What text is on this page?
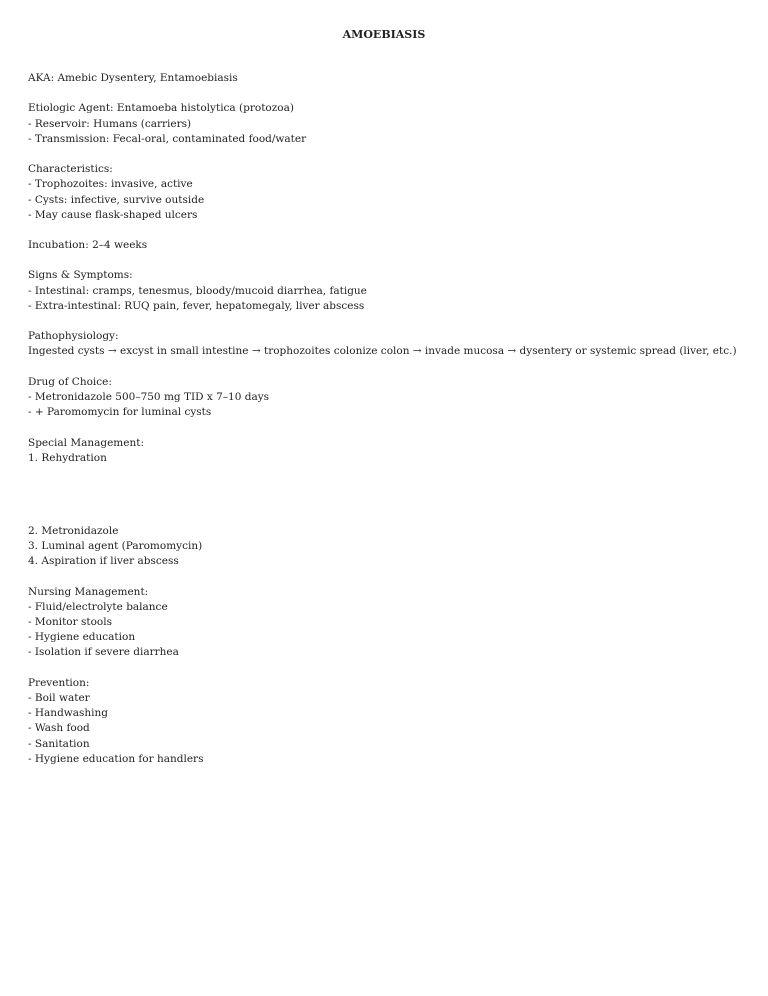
AMOEBIASIS
AKA: Amebic Dysentery, Entamoebiasis
Etiologic Agent: Entamoeba histolytica (protozoa)
- Reservoir: Humans (carriers)
- Transmission: Fecal-oral, contaminated food/water
Characteristics:
- Trophozoites: invasive, active
- Cysts: infective, survive outside
- May cause flask-shaped ulcers
Incubation: 2–4 weeks
Signs & Symptoms:
- Intestinal: cramps, tenesmus, bloody/mucoid diarrhea, fatigue
- Extra-intestinal: RUQ pain, fever, hepatomegaly, liver abscess
Pathophysiology:
Ingested cysts → excyst in small intestine → trophozoites colonize colon → invade mucosa → dysentery or systemic spread (liver, etc.)
Drug of Choice:
- Metronidazole 500–750 mg TID x 7–10 days
- + Paromomycin for luminal cysts
Special Management:
1. Rehydration
2. Metronidazole
3. Luminal agent (Paromomycin)
4. Aspiration if liver abscess
Nursing Management:
- Fluid/electrolyte balance
- Monitor stools
- Hygiene education
- Isolation if severe diarrhea
Prevention:
- Boil water
- Handwashing
- Wash food
- Sanitation
- Hygiene education for handlers
